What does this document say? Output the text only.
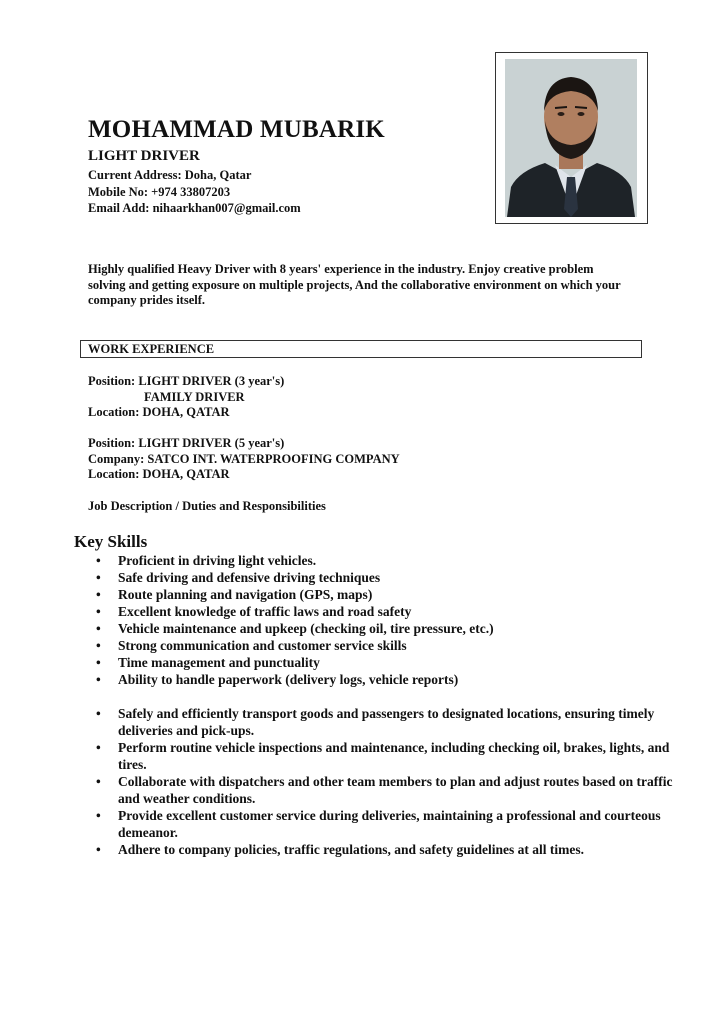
MOHAMMAD MUBARIK
LIGHT DRIVER
Current Address: Doha, Qatar
Mobile No: +974 33807203
Email Add: nihaarkhan007@gmail.com
Highly qualified Heavy Driver with 8 years' experience in the industry. Enjoy creative problem solving and getting exposure on multiple projects, And the collaborative environment on which your company prides itself.
WORK EXPERIENCE
Position: LIGHT DRIVER (3 year's)
FAMILY DRIVER
Location: DOHA, QATAR
Position: LIGHT DRIVER (5 year's)
Company: SATCO INT. WATERPROOFING COMPANY
Location: DOHA, QATAR
Job Description / Duties and Responsibilities
Key Skills
• Proficient in driving light vehicles.
• Safe driving and defensive driving techniques
• Route planning and navigation (GPS, maps)
• Excellent knowledge of traffic laws and road safety
• Vehicle maintenance and upkeep (checking oil, tire pressure, etc.)
• Strong communication and customer service skills
• Time management and punctuality
• Ability to handle paperwork (delivery logs, vehicle reports)
• Safely and efficiently transport goods and passengers to designated locations, ensuring timely deliveries and pick-ups.
• Perform routine vehicle inspections and maintenance, including checking oil, brakes, lights, and tires.
• Collaborate with dispatchers and other team members to plan and adjust routes based on traffic and weather conditions.
• Provide excellent customer service during deliveries, maintaining a professional and courteous demeanor.
• Adhere to company policies, traffic regulations, and safety guidelines at all times.
